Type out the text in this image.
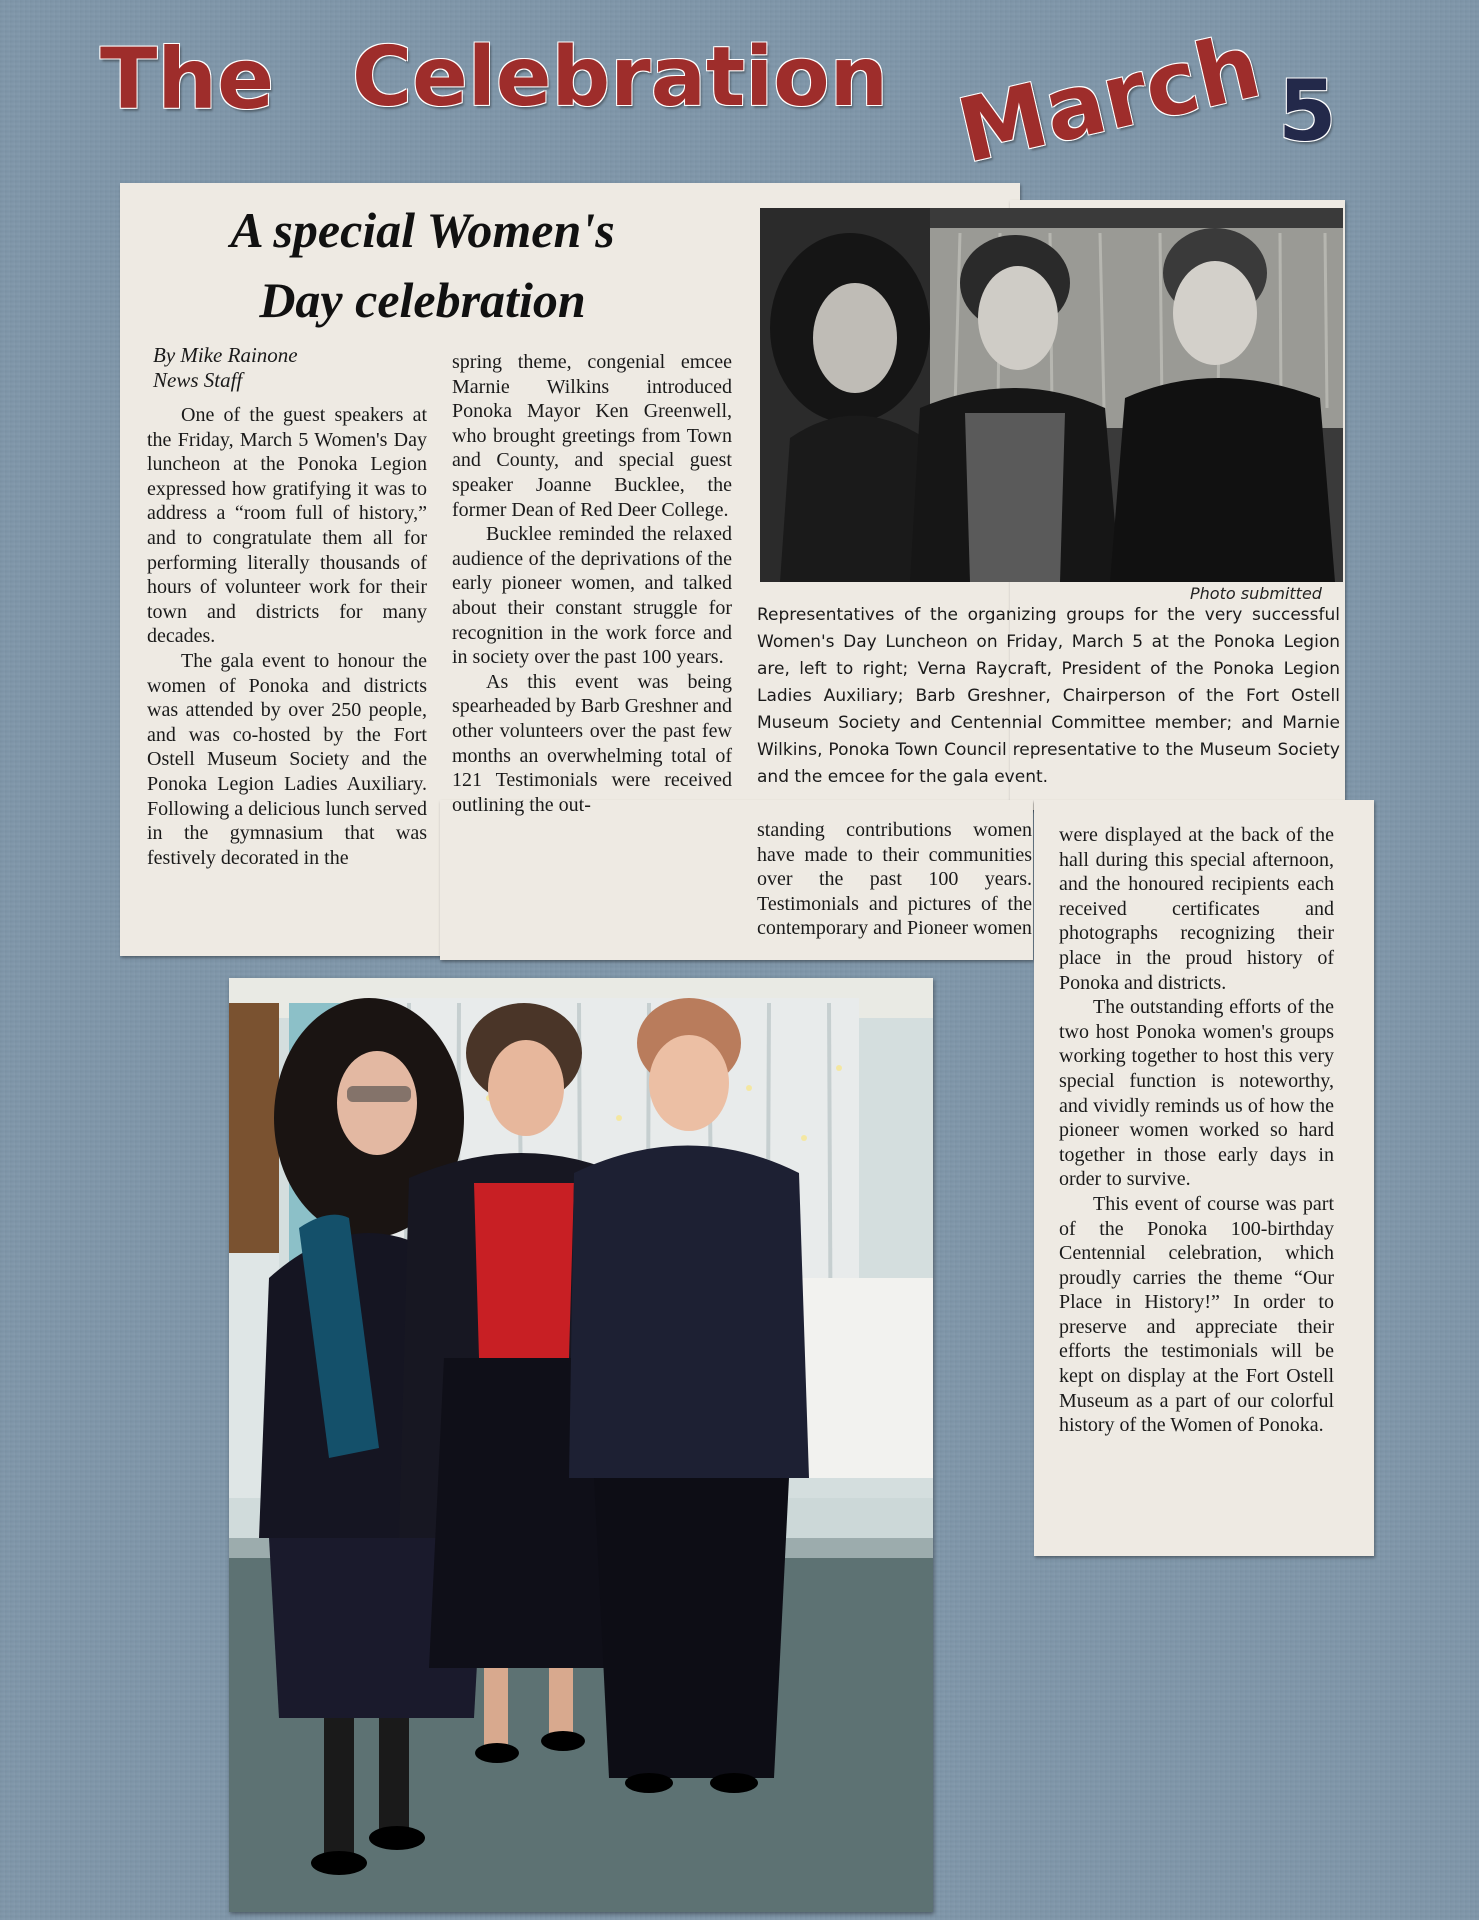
The Celebration March 5
A special Women's
Day celebration
By Mike Rainone
News Staff

One of the guest speakers at the Friday, March 5 Women's Day luncheon at the Ponoka Legion expressed how gratifying it was to address a “room full of history,” and to congratulate them all for performing literally thousands of hours of volunteer work for their town and districts for many decades.

The gala event to honour the women of Ponoka and districts was attended by over 250 people, and was co-hosted by the Fort Ostell Museum Society and the Ponoka Legion Ladies Auxiliary. Following a delicious lunch served in the gymnasium that was festively decorated in the

spring theme, congenial emcee Marnie Wilkins introduced Ponoka Mayor Ken Greenwell, who brought greetings from Town and County, and special guest speaker Joanne Bucklee, the former Dean of Red Deer College.

Bucklee reminded the relaxed audience of the deprivations of the early pioneer women, and talked about their constant struggle for recognition in the work force and in society over the past 100 years.

As this event was being spearheaded by Barb Greshner and other volunteers over the past few months an overwhelming total of 121 Testimonials were received outlining the out-

standing contributions women have made to their communities over the past 100 years. Testimonials and pictures of the contemporary and Pioneer women

were displayed at the back of the hall during this special afternoon, and the honoured recipients each received certificates and photographs recognizing their place in the proud history of Ponoka and districts.

The outstanding efforts of the two host Ponoka women's groups working together to host this very special function is noteworthy, and vividly reminds us of how the pioneer women worked so hard together in those early days in order to survive.

This event of course was part of the Ponoka 100-birthday Centennial celebration, which proudly carries the theme “Our Place in History!” In order to preserve and appreciate their efforts the testimonials will be kept on display at the Fort Ostell Museum as a part of our colorful history of the Women of Ponoka.

Photo submitted
Representatives of the organizing groups for the very successful Women's Day Luncheon on Friday, March 5 at the Ponoka Legion are, left to right; Verna Raycraft, President of the Ponoka Legion Ladies Auxiliary; Barb Greshner, Chairperson of the Fort Ostell Museum Society and Centennial Committee member; and Marnie Wilkins, Ponoka Town Council representative to the Museum Society and the emcee for the gala event.
